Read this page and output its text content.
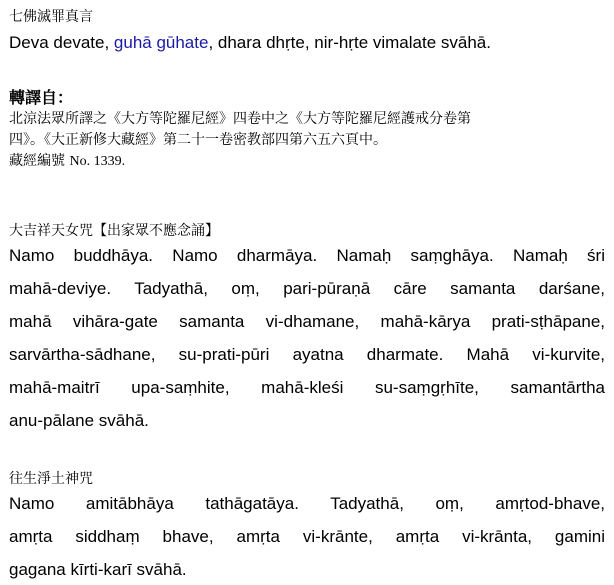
七佛滅罪真言
Deva devate, guhā gūhate, dhara dhṛte, nir-hṛte vimalate svāhā.
轉譯自：
北涼法眾所譯之《大方等陀羅尼經》四卷中之《大方等陀羅尼經護戒分卷第
四》。《大正新修大藏經》第二十一卷密教部四第六五六頁中。
藏經編號 No. 1339.
大吉祥天女咒【出家眾不應念誦】
Namo buddhāya. Namo dharmāya. Namaḥ saṃghāya. Namaḥ śri
mahā-deviye. Tadyathā, oṃ, pari-pūraṇā cāre samanta darśane,
mahā vihāra-gate samanta vi-dhamane, mahā-kārya prati-sṭhāpane,
sarvārtha-sādhane, su-prati-pūri ayatna dharmate. Mahā vi-kurvite,
mahā-maitrī upa-saṃhite, mahā-kleśi su-saṃgṛhīte, samantārtha
anu-pālane svāhā.
往生淨土神咒
Namo amitābhāya tathāgatāya. Tadyathā, oṃ, amṛtod-bhave,
amṛta siddhaṃ bhave, amṛta vi-krānte, amṛta vi-krānta, gamini
gagana kīrti-karī svāhā.
